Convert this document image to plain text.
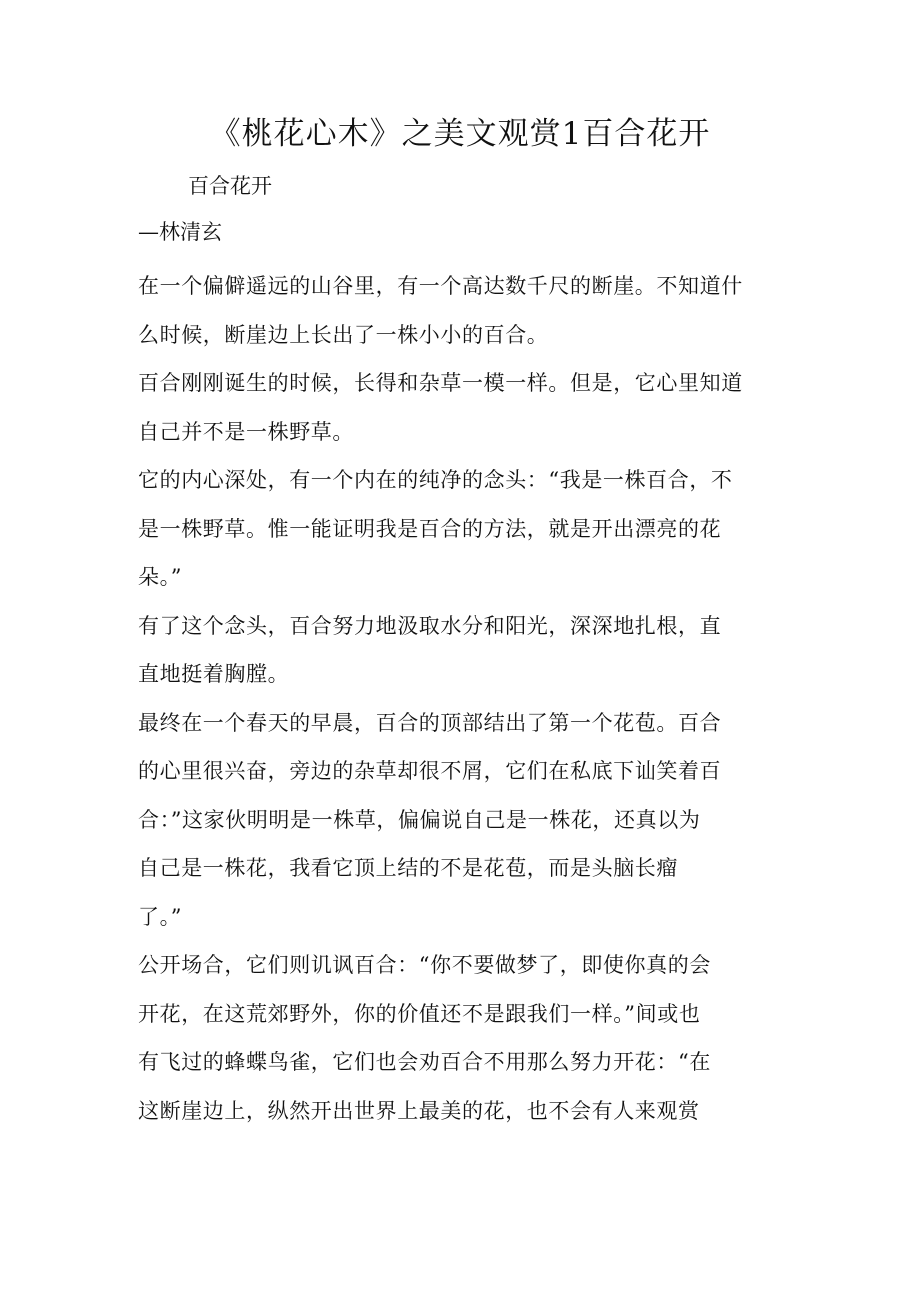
《桃花心木》之美文观赏1百合花开
百合花开
—林清玄

在一个偏僻遥远的山谷里，有一个高达数千尺的断崖。不知道什
么时候，断崖边上长出了一株小小的百合。

百合刚刚诞生的时候，长得和杂草一模一样。但是，它心里知道
自己并不是一株野草。

它的内心深处，有一个内在的纯净的念头：“我是一株百合，不
是一株野草。惟一能证明我是百合的方法，就是开出漂亮的花
朵。”

有了这个念头，百合努力地汲取水分和阳光，深深地扎根，直
直地挺着胸膛。

最终在一个春天的早晨，百合的顶部结出了第一个花苞。百合
的心里很兴奋，旁边的杂草却很不屑，它们在私底下讪笑着百
合：”这家伙明明是一株草，偏偏说自己是一株花，还真以为
自己是一株花，我看它顶上结的不是花苞，而是头脑长瘤
了。”

公开场合，它们则讥讽百合：“你不要做梦了，即使你真的会
开花，在这荒郊野外，你的价值还不是跟我们一样。”间或也
有飞过的蜂蝶鸟雀，它们也会劝百合不用那么努力开花：“在
这断崖边上，纵然开出世界上最美的花，也不会有人来观赏
